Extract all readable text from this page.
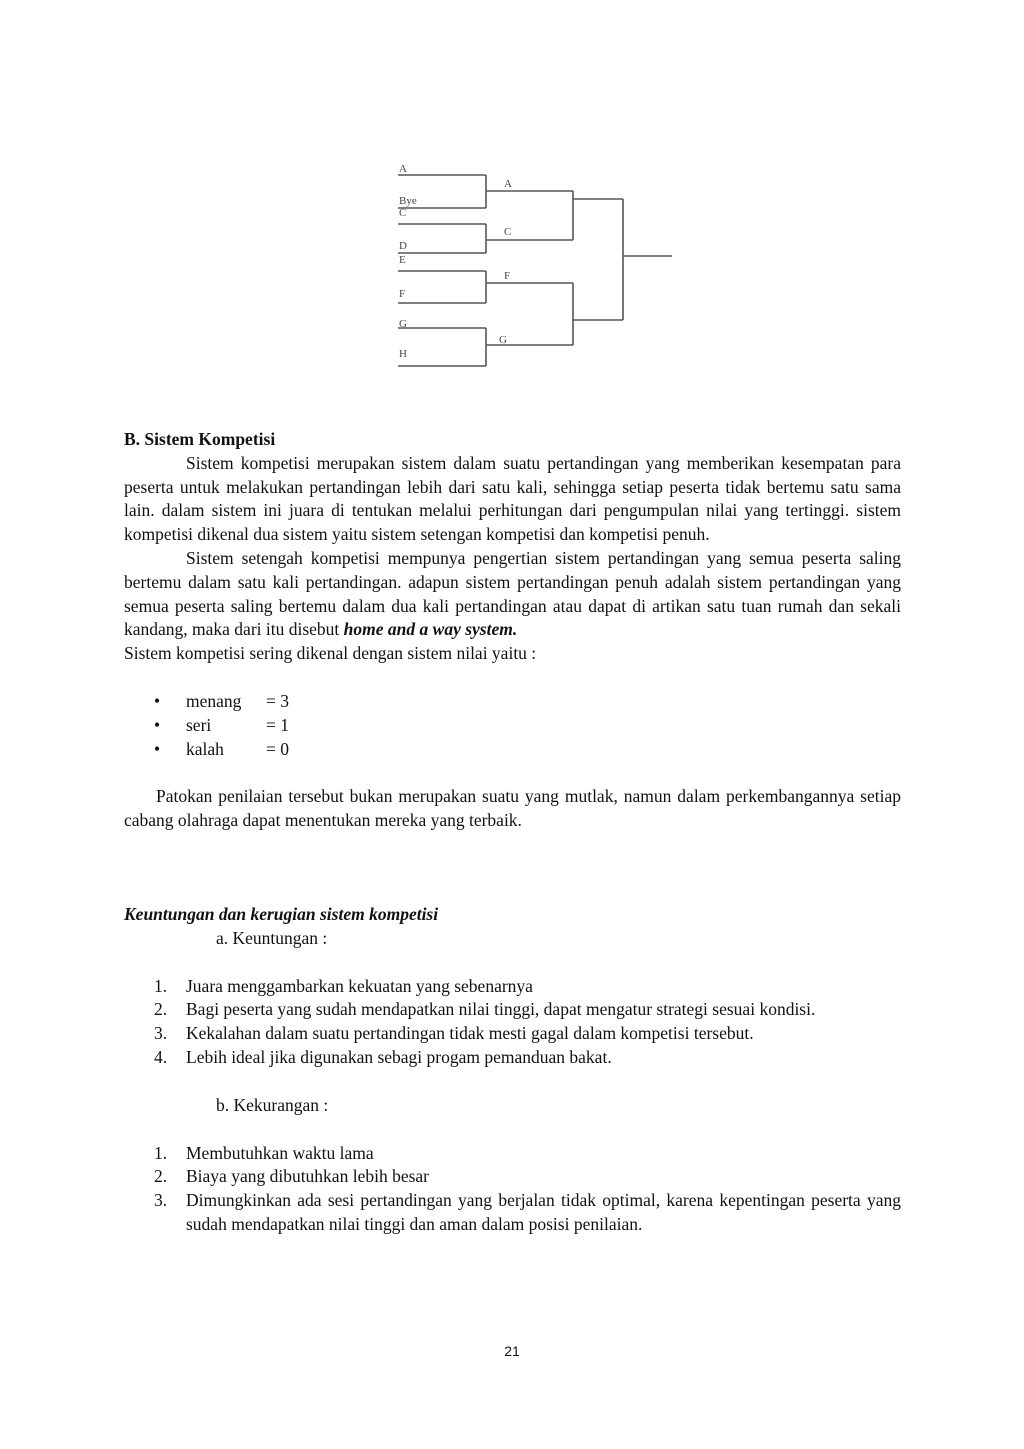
A
Bye
C
D
E
F
G
H
A
C
F
G

B. Sistem Kompetisi

Sistem kompetisi merupakan sistem dalam suatu pertandingan yang memberikan kesempatan para peserta untuk melakukan pertandingan lebih dari satu kali, sehingga setiap peserta tidak bertemu satu sama lain. dalam sistem ini juara di tentukan melalui perhitungan dari pengumpulan nilai yang tertinggi. sistem kompetisi dikenal dua sistem yaitu sistem setengan kompetisi dan kompetisi penuh.

Sistem setengah kompetisi mempunya pengertian sistem pertandingan yang semua peserta saling bertemu dalam satu kali pertandingan. adapun sistem pertandingan penuh adalah sistem pertandingan yang semua peserta saling bertemu dalam dua kali pertandingan atau dapat di artikan satu tuan rumah dan sekali kandang, maka dari itu disebut home and a way system.

Sistem kompetisi sering dikenal dengan sistem nilai yaitu :

• menang = 3
• seri	= 1
• kalah = 0

Patokan penilaian tersebut bukan merupakan suatu yang mutlak, namun dalam perkembangannya setiap cabang olahraga dapat menentukan mereka yang terbaik.

Keuntungan dan kerugian sistem kompetisi

a. Keuntungan :

1. Juara menggambarkan kekuatan yang sebenarnya
2. Bagi peserta yang sudah mendapatkan nilai tinggi, dapat mengatur strategi sesuai kondisi.
3. Kekalahan dalam suatu pertandingan tidak mesti gagal dalam kompetisi tersebut.
4. Lebih ideal jika digunakan sebagi progam pemanduan bakat.

b. Kekurangan :

1. Membutuhkan waktu lama
2. Biaya yang dibutuhkan lebih besar
3. Dimungkinkan ada sesi pertandingan yang berjalan tidak optimal, karena kepentingan peserta yang sudah mendapatkan nilai tinggi dan aman dalam posisi penilaian.
21
